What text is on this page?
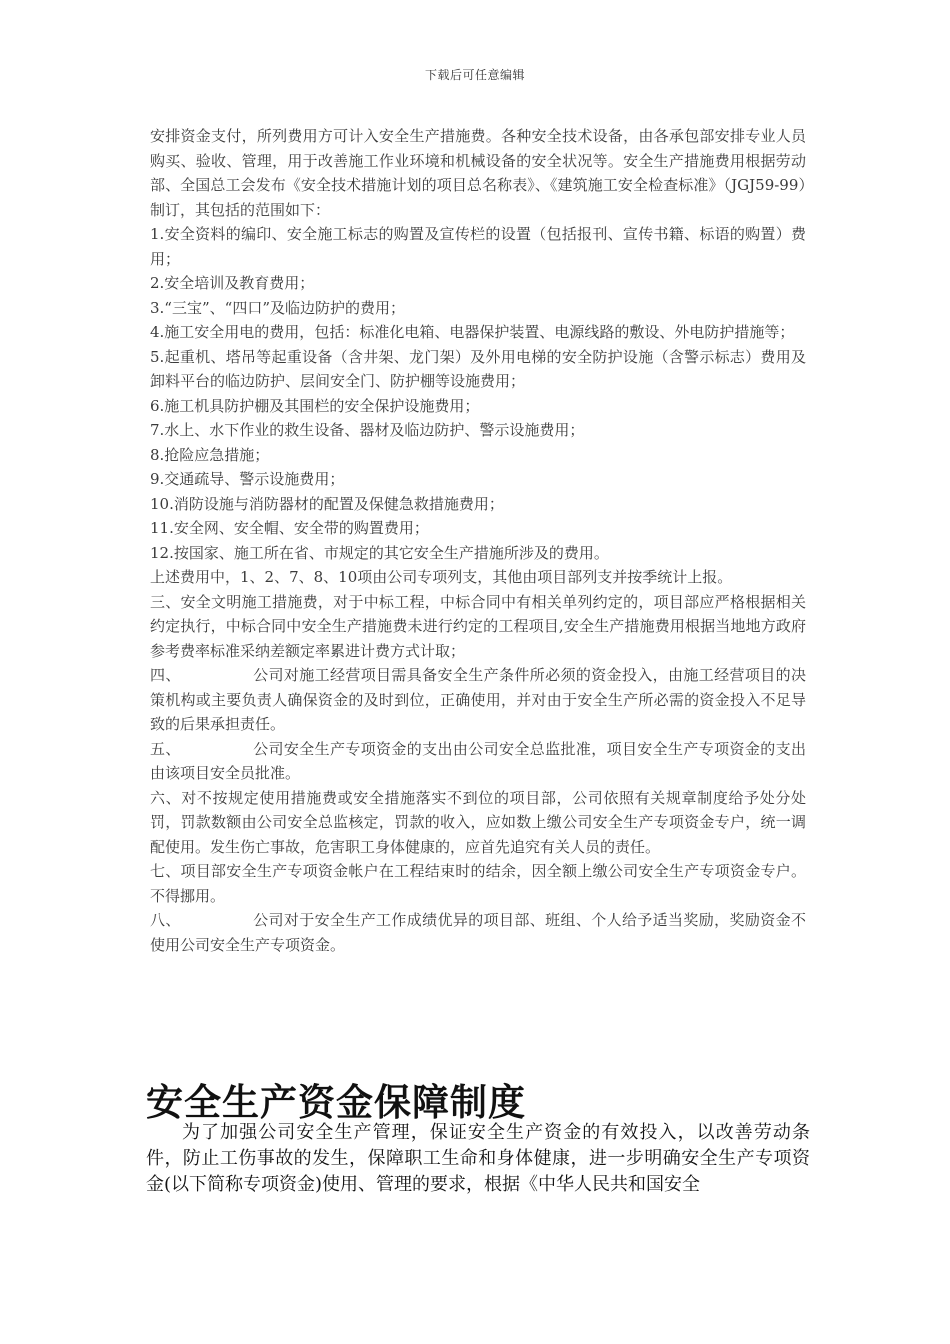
下载后可任意编辑

安排资金支付，所列费用方可计入安全生产措施费。各种安全技术设备，由各承包部安排专业人员购买、验收、管理，用于改善施工作业环境和机械设备的安全状况等。安全生产措施费用根据劳动部、全国总工会发布《安全技术措施计划的项目总名称表》、《建筑施工安全检查标准》（JGJ59-99）制订，其包括的范围如下：

1.安全资料的编印、安全施工标志的购置及宣传栏的设置（包括报刊、宣传书籍、标语的购置）费用；

2.安全培训及教育费用；

3.“三宝”、“四口”及临边防护的费用；

4.施工安全用电的费用，包括：标准化电箱、电器保护装置、电源线路的敷设、外电防护措施等；

5.起重机、塔吊等起重设备（含井架、龙门架）及外用电梯的安全防护设施（含警示标志）费用及卸料平台的临边防护、层间安全门、防护棚等设施费用；

6.施工机具防护棚及其围栏的安全保护设施费用；

7.水上、水下作业的救生设备、器材及临边防护、警示设施费用；

8.抢险应急措施；

9.交通疏导、警示设施费用；

10.消防设施与消防器材的配置及保健急救措施费用；

11.安全网、安全帽、安全带的购置费用；

12.按国家、施工所在省、市规定的其它安全生产措施所涉及的费用。

上述费用中，1、2、7、8、10项由公司专项列支，其他由项目部列支并按季统计上报。

三、安全文明施工措施费，对于中标工程，中标合同中有相关单列约定的，项目部应严格根据相关约定执行，中标合同中安全生产措施费未进行约定的工程项目,安全生产措施费用根据当地地方政府参考费率标准采纳差额定率累进计费方式计取；

四、	公司对施工经营项目需具备安全生产条件所必须的资金投入，由施工经营项目的决策机构或主要负责人确保资金的及时到位，正确使用，并对由于安全生产所必需的资金投入不足导致的后果承担责任。

五、	公司安全生产专项资金的支出由公司安全总监批准，项目安全生产专项资金的支出由该项目安全员批准。

六、对不按规定使用措施费或安全措施落实不到位的项目部，公司依照有关规章制度给予处分处罚，罚款数额由公司安全总监核定，罚款的收入，应如数上缴公司安全生产专项资金专户，统一调配使用。发生伤亡事故，危害职工身体健康的，应首先追究有关人员的责任。

七、项目部安全生产专项资金帐户在工程结束时的结余，因全额上缴公司安全生产专项资金专户。不得挪用。

八、	公司对于安全生产工作成绩优异的项目部、班组、个人给予适当奖励，奖励资金不使用公司安全生产专项资金。

安全生产资金保障制度

为了加强公司安全生产管理，保证安全生产资金的有效投入，以改善劳动条件，防止工伤事故的发生，保障职工生命和身体健康，进一步明确安全生产专项资金(以下简称专项资金)使用、管理的要求，根据《中华人民共和国安全
